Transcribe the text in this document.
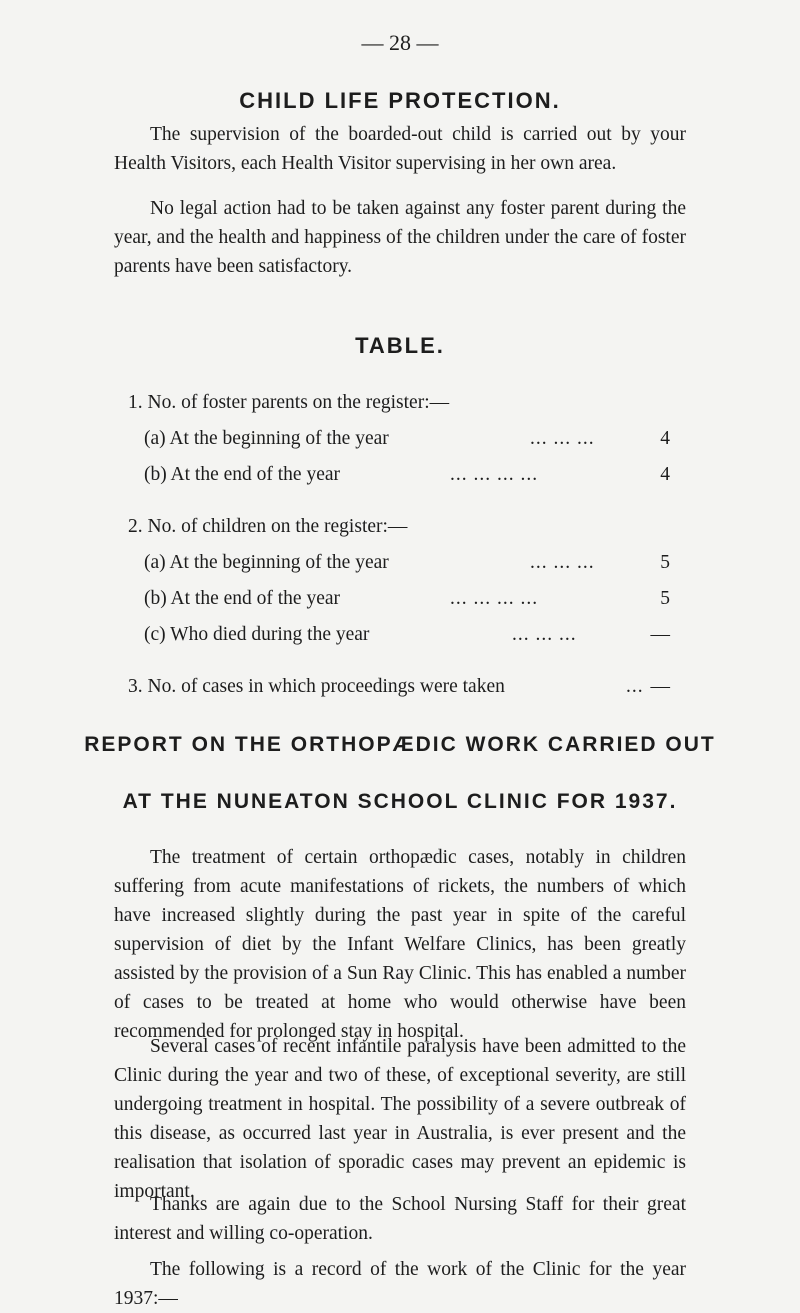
— 28 —
CHILD LIFE PROTECTION.

The supervision of the boarded-out child is carried out by your Health Visitors, each Health Visitor supervising in her own area.

No legal action had to be taken against any foster parent during the year, and the health and happiness of the children under the care of foster parents have been satisfactory.

TABLE.
1. No. of foster parents on the register:—
(a) At the beginning of the year	... ... ...	4
(b) At the end of the year	... ... ... ...	4
2. No. of children on the register:—
(a) At the beginning of the year	... ... ...	5
(b) At the end of the year	... ... ... ...	5
(c) Who died during the year	... ... ...	—
3. No. of cases in which proceedings were taken	... —
REPORT ON THE ORTHOPÆDIC WORK CARRIED OUT
AT THE NUNEATON SCHOOL CLINIC FOR 1937.

The treatment of certain orthopædic cases, notably in children suffering from acute manifestations of rickets, the numbers of which have increased slightly during the past year in spite of the careful supervision of diet by the Infant Welfare Clinics, has been greatly assisted by the provision of a Sun Ray Clinic. This has enabled a number of cases to be treated at home who would otherwise have been recommended for prolonged stay in hospital.

Several cases of recent infantile paralysis have been admitted to the Clinic during the year and two of these, of exceptional severity, are still undergoing treatment in hospital. The possibility of a severe outbreak of this disease, as occurred last year in Australia, is ever present and the realisation that isolation of sporadic cases may prevent an epidemic is important.

Thanks are again due to the School Nursing Staff for their great interest and willing co-operation.

The following is a record of the work of the Clinic for the year 1937:—
